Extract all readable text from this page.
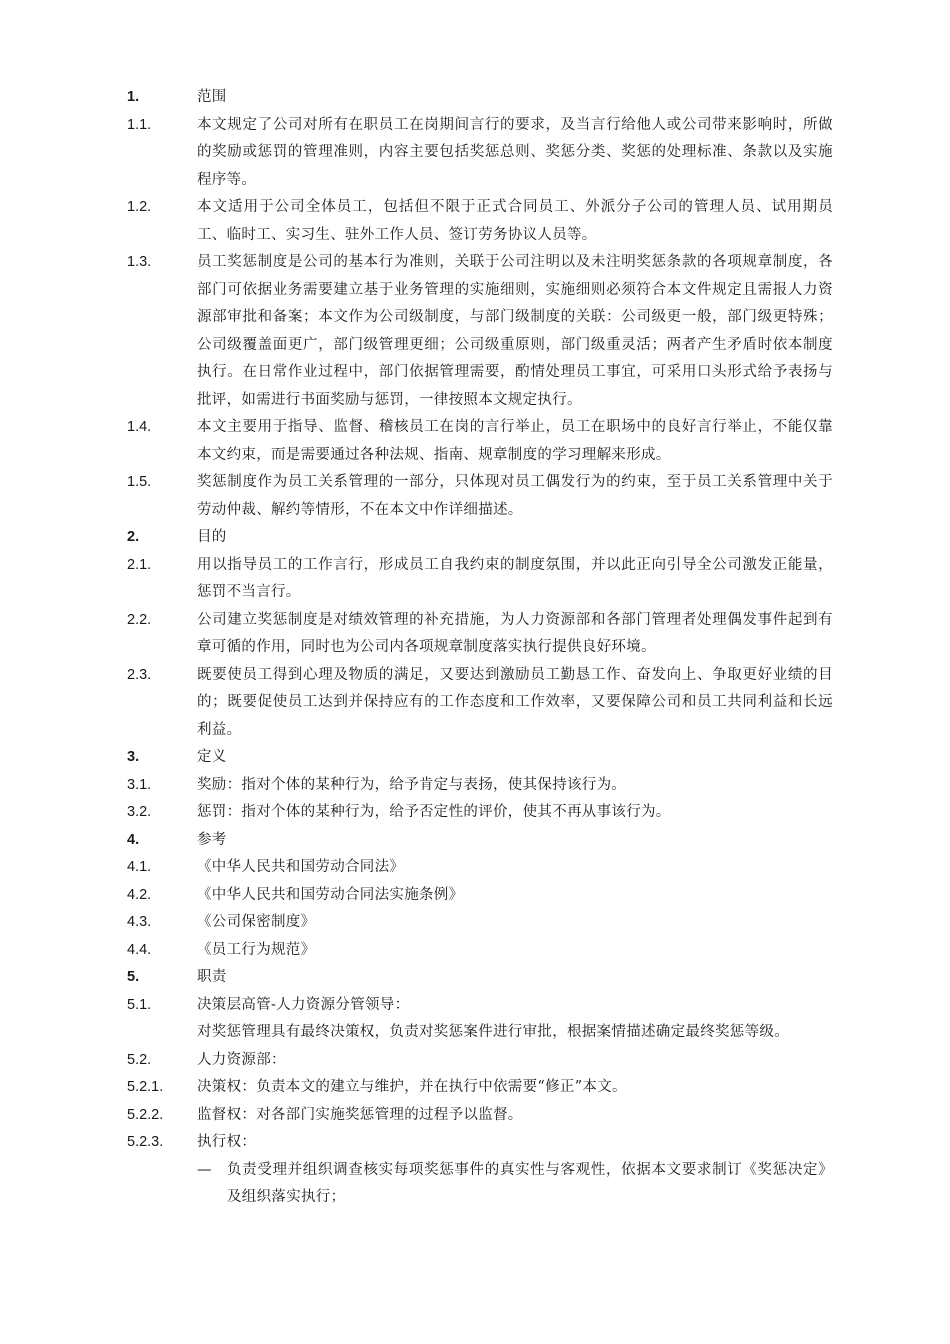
1.	范围
1.1.	本文规定了公司对所有在职员工在岗期间言行的要求，及当言行给他人或公司带来影响时，所做的奖励或惩罚的管理准则，内容主要包括奖惩总则、奖惩分类、奖惩的处理标准、条款以及实施程序等。
1.2.	本文适用于公司全体员工，包括但不限于正式合同员工、外派分子公司的管理人员、试用期员工、临时工、实习生、驻外工作人员、签订劳务协议人员等。
1.3.	员工奖惩制度是公司的基本行为准则，关联于公司注明以及未注明奖惩条款的各项规章制度，各部门可依据业务需要建立基于业务管理的实施细则，实施细则必须符合本文件规定且需报人力资源部审批和备案；本文作为公司级制度，与部门级制度的关联：公司级更一般，部门级更特殊；公司级覆盖面更广，部门级管理更细；公司级重原则，部门级重灵活；两者产生矛盾时依本制度执行。在日常作业过程中，部门依据管理需要，酌情处理员工事宜，可采用口头形式给予表扬与批评，如需进行书面奖励与惩罚，一律按照本文规定执行。
1.4.	本文主要用于指导、监督、稽核员工在岗的言行举止，员工在职场中的良好言行举止，不能仅靠本文约束，而是需要通过各种法规、指南、规章制度的学习理解来形成。
1.5.	奖惩制度作为员工关系管理的一部分，只体现对员工偶发行为的约束，至于员工关系管理中关于劳动仲裁、解约等情形，不在本文中作详细描述。
2.	目的
2.1.	用以指导员工的工作言行，形成员工自我约束的制度氛围，并以此正向引导全公司激发正能量，惩罚不当言行。
2.2.	公司建立奖惩制度是对绩效管理的补充措施，为人力资源部和各部门管理者处理偶发事件起到有章可循的作用，同时也为公司内各项规章制度落实执行提供良好环境。
2.3.	既要使员工得到心理及物质的满足，又要达到激励员工勤恳工作、奋发向上、争取更好业绩的目的；既要促使员工达到并保持应有的工作态度和工作效率，又要保障公司和员工共同利益和长远利益。
3.	定义
3.1.	奖励：指对个体的某种行为，给予肯定与表扬，使其保持该行为。
3.2.	惩罚：指对个体的某种行为，给予否定性的评价，使其不再从事该行为。
4.	参考
4.1.	《中华人民共和国劳动合同法》
4.2.	《中华人民共和国劳动合同法实施条例》
4.3.	《公司保密制度》
4.4.	《员工行为规范》
5.	职责
5.1.	决策层高管-人力资源分管领导：
对奖惩管理具有最终决策权，负责对奖惩案件进行审批，根据案情描述确定最终奖惩等级。
5.2.	人力资源部：
5.2.1. 决策权：负责本文的建立与维护，并在执行中依需要“修正”本文。
5.2.2. 监督权：对各部门实施奖惩管理的过程予以监督。
5.2.3. 执行权：
— 负责受理并组织调查核实每项奖惩事件的真实性与客观性，依据本文要求制订《奖惩决定》及组织落实执行；
